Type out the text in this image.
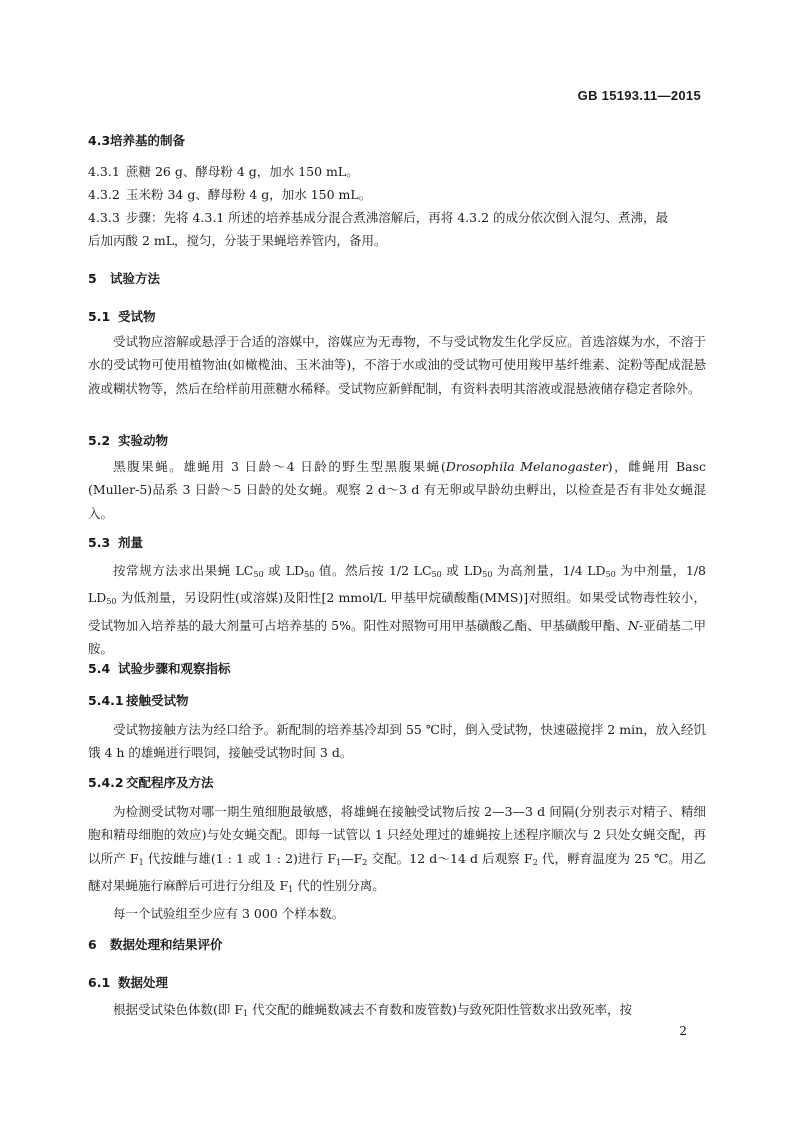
GB 15193.11—2015
4.3培养基的制备
4.3.1 蔗糖 26 g、酵母粉 4 g，加水 150 mL。
4.3.2 玉米粉 34 g、酵母粉 4 g，加水 150 mL。
4.3.3 步骤：先将 4.3.1 所述的培养基成分混合煮沸溶解后，再将 4.3.2 的成分依次倒入混匀、煮沸，最
后加丙酸 2 mL，搅匀，分装于果蝇培养管内，备用。
5 试验方法
5.1 受试物

受试物应溶解或悬浮于合适的溶媒中，溶媒应为无毒物，不与受试物发生化学反应。首选溶媒为水，不溶于水的受试物可使用植物油(如橄榄油、玉米油等)，不溶于水或油的受试物可使用羧甲基纤维素、淀粉等配成混悬液或糊状物等，然后在给样前用蔗糖水稀释。受试物应新鲜配制，有资料表明其溶液或混悬液储存稳定者除外。

5.2 实验动物

黑腹果蝇。雄蝇用 3 日龄～4 日龄的野生型黑腹果蝇(Drosophila Melanogaster)，雌蝇用 Basc (Muller-5)品系 3 日龄～5 日龄的处女蝇。观察 2 d～3 d 有无卵或早龄幼虫孵出，以检查是否有非处女蝇混入。

5.3 剂量

按常规方法求出果蝇 $LC_{50}$ 或 $LD_{50}$ 值。然后按 1/2 $LC_{50}$ 或 $LD_{50}$ 为高剂量，1/4 $LD_{50}$ 为中剂量，1/8 $LD_{50}$ 为低剂量，另设阴性(或溶媒)及阳性[2 mmol/L 甲基甲烷磺酸酯(MMS)]对照组。如果受试物毒性较小，受试物加入培养基的最大剂量可占培养基的 5%。阳性对照物可用甲基磺酸乙酯、甲基磺酸甲酯、N-亚硝基二甲胺。

5.4 试验步骤和观察指标
5.4.1 接触受试物

受试物接触方法为经口给予。新配制的培养基冷却到 55 ℃时，倒入受试物，快速磁搅拌 2 min，放入经饥饿 4 h 的雄蝇进行喂饲，接触受试物时间 3 d。

5.4.2 交配程序及方法

为检测受试物对哪一期生殖细胞最敏感，将雄蝇在接触受试物后按 2—3—3 d 间隔(分别表示对精子、精细胞和精母细胞的效应)与处女蝇交配。即每一试管以 1 只经处理过的雄蝇按上述程序顺次与 2 只处女蝇交配，再以所产 $F_1$ 代按雌与雄(1 : 1 或 1 : 2)进行 $F_1—F_2$ 交配。12 d～14 d 后观察 $F_2$ 代，孵育温度为 25 ℃。用乙醚对果蝇施行麻醉后可进行分组及 $F_1$ 代的性别分离。

每一个试验组至少应有 3 000 个样本数。

6 数据处理和结果评价
6.1 数据处理

根据受试染色体数(即 $F_1$ 代交配的雌蝇数减去不育数和废管数)与致死阳性管数求出致死率，按

2
